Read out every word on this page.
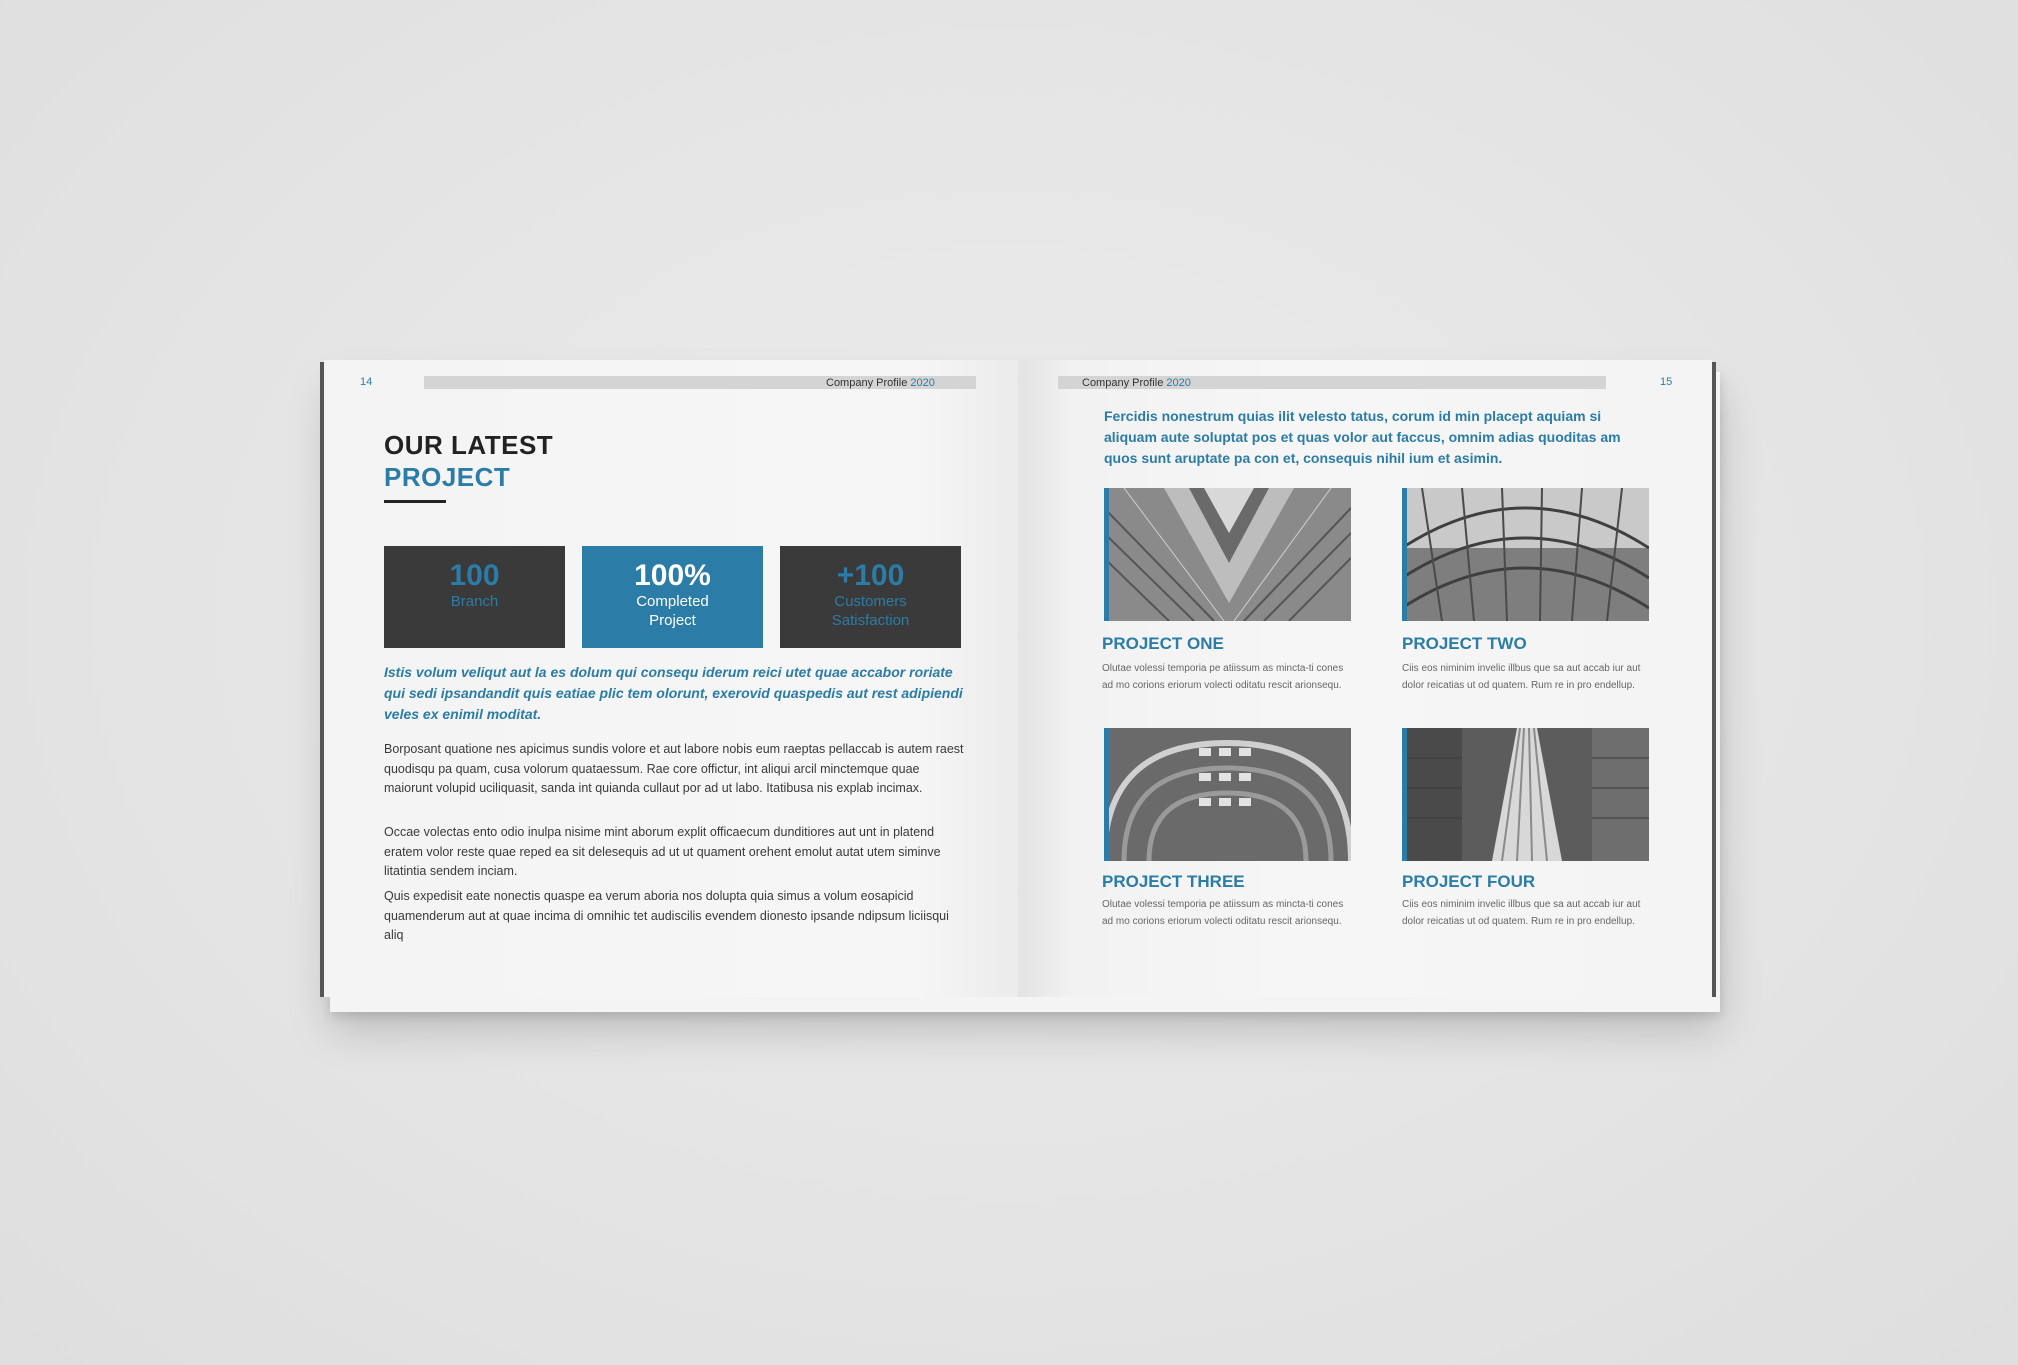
14	Company Profile 2020
OUR LATEST
PROJECT
100
Branch
100%
Completed Project
+100
Customers Satisfaction
Istis volum veliqut aut la es dolum qui consequ iderum reici utet quae accabor roriate qui sedi ipsandandit quis eatiae plic tem olorunt, exerovid quaspedis aut rest adipiendi veles ex enimil moditat.
Borposant quatione nes apicimus sundis volore et aut labore nobis eum raeptas pellaccab is autem raest quodisqu pa quam, cusa volorum quataessum. Rae core offictur, int aliqui arcil minctemque quae maiorunt volupid uciliquasit, sanda int quianda cullaut por ad ut labo. Itatibusa nis explab incimax.
Occae volectas ento odio inulpa nisime mint aborum explit officaecum dunditiores aut unt in platend eratem volor reste quae reped ea sit delesequis ad ut ut quament orehent emolut autat utem siminve litatintia sendem inciam.
Quis expedisit eate nonectis quaspe ea verum aboria nos dolupta quia simus a volum eosapicid quamenderum aut at quae incima di omnihic tet audiscilis evendem dionesto ipsande ndipsum liciisqui aliq
Company Profile 2020	15
Fercidis nonestrum quias ilit velesto tatus, corum id min placept aquiam si aliquam aute soluptat pos et quas volor aut faccus, omnim adias quoditas am quos sunt aruptate pa con et, consequis nihil ium et asimin.
PROJECT ONE
Olutae volessi temporia pe atiissum as mincta-ti cones ad mo corions eriorum volecti oditatu rescit arionsequ.
PROJECT TWO
Ciis eos niminim invelic illbus que sa aut accab iur aut dolor reicatias ut od quatem. Rum re in pro endellup.
PROJECT THREE
Olutae volessi temporia pe atiissum as mincta-ti cones ad mo corions eriorum volecti oditatu rescit arionsequ.
PROJECT FOUR
Ciis eos niminim invelic illbus que sa aut accab iur aut dolor reicatias ut od quatem. Rum re in pro endellup.
